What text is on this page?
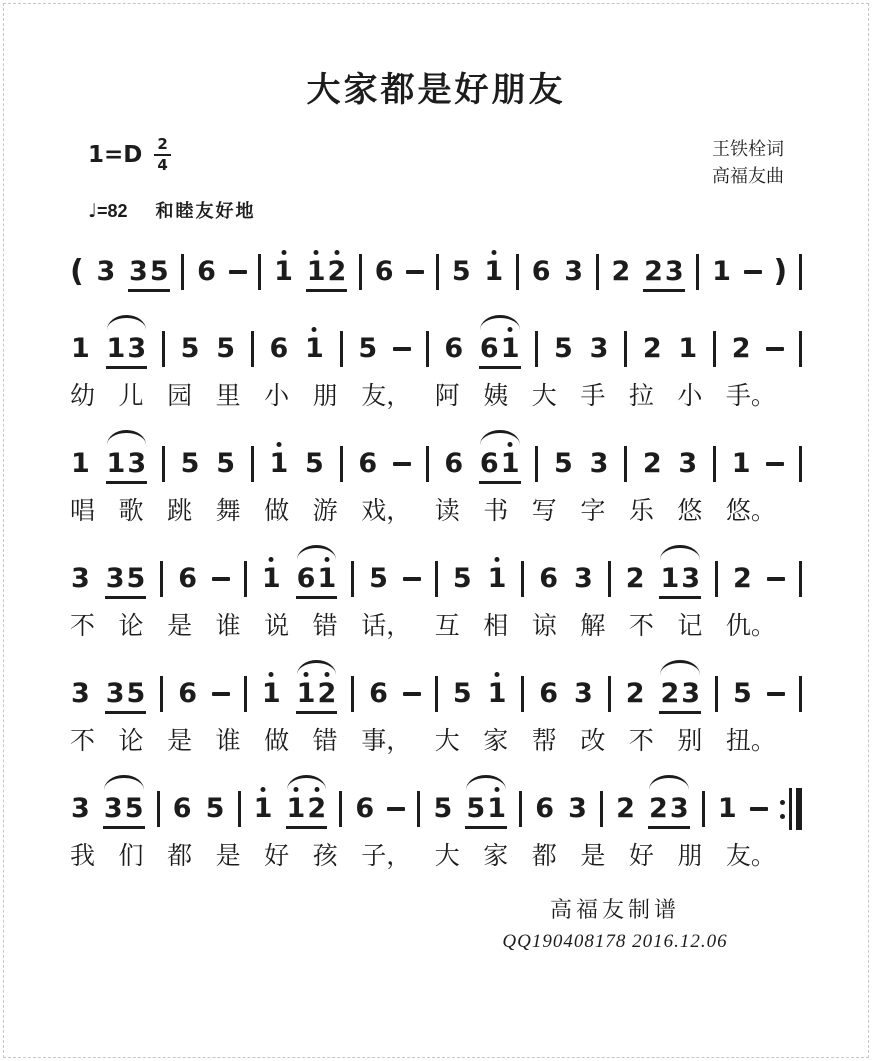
大家都是好朋友
$1=D \frac{2}{4}$	王铁栓词
高福友曲
♩ =82 和睦友好地
( 3 3 5 6 1 1 2 6 5 1 6 3 2 2 3 1 )
1 1 3 5 5 6 1 5 6 6 1 5 3 2 1 2
幼 儿 园 里 小 朋 友， 阿 姨 大 手 拉 小 手。
1 1 3 5 5 1 5 6 6 6 1 5 3 2 3 1
唱 歌 跳 舞 做 游 戏， 读 书 写 字 乐 悠 悠。
3 3 5 6 1 6 1 5 5 1 6 3 2 1 3 2
不 论 是 谁 说 错 话， 互 相 谅 解 不 记 仇。
3 3 5 6 1 1 2 6 5 1 6 3 2 2 3 5
不 论 是 谁 做 错 事， 大 家 帮 改 不 别 扭。
3 3 5 6 5 1 1 2 6 5 5 1 6 3 2 2 3 1
我 们 都 是 好 孩 子， 大 家 都 是 好 朋 友。
高福友制谱
QQ190408178 2016.12.06
